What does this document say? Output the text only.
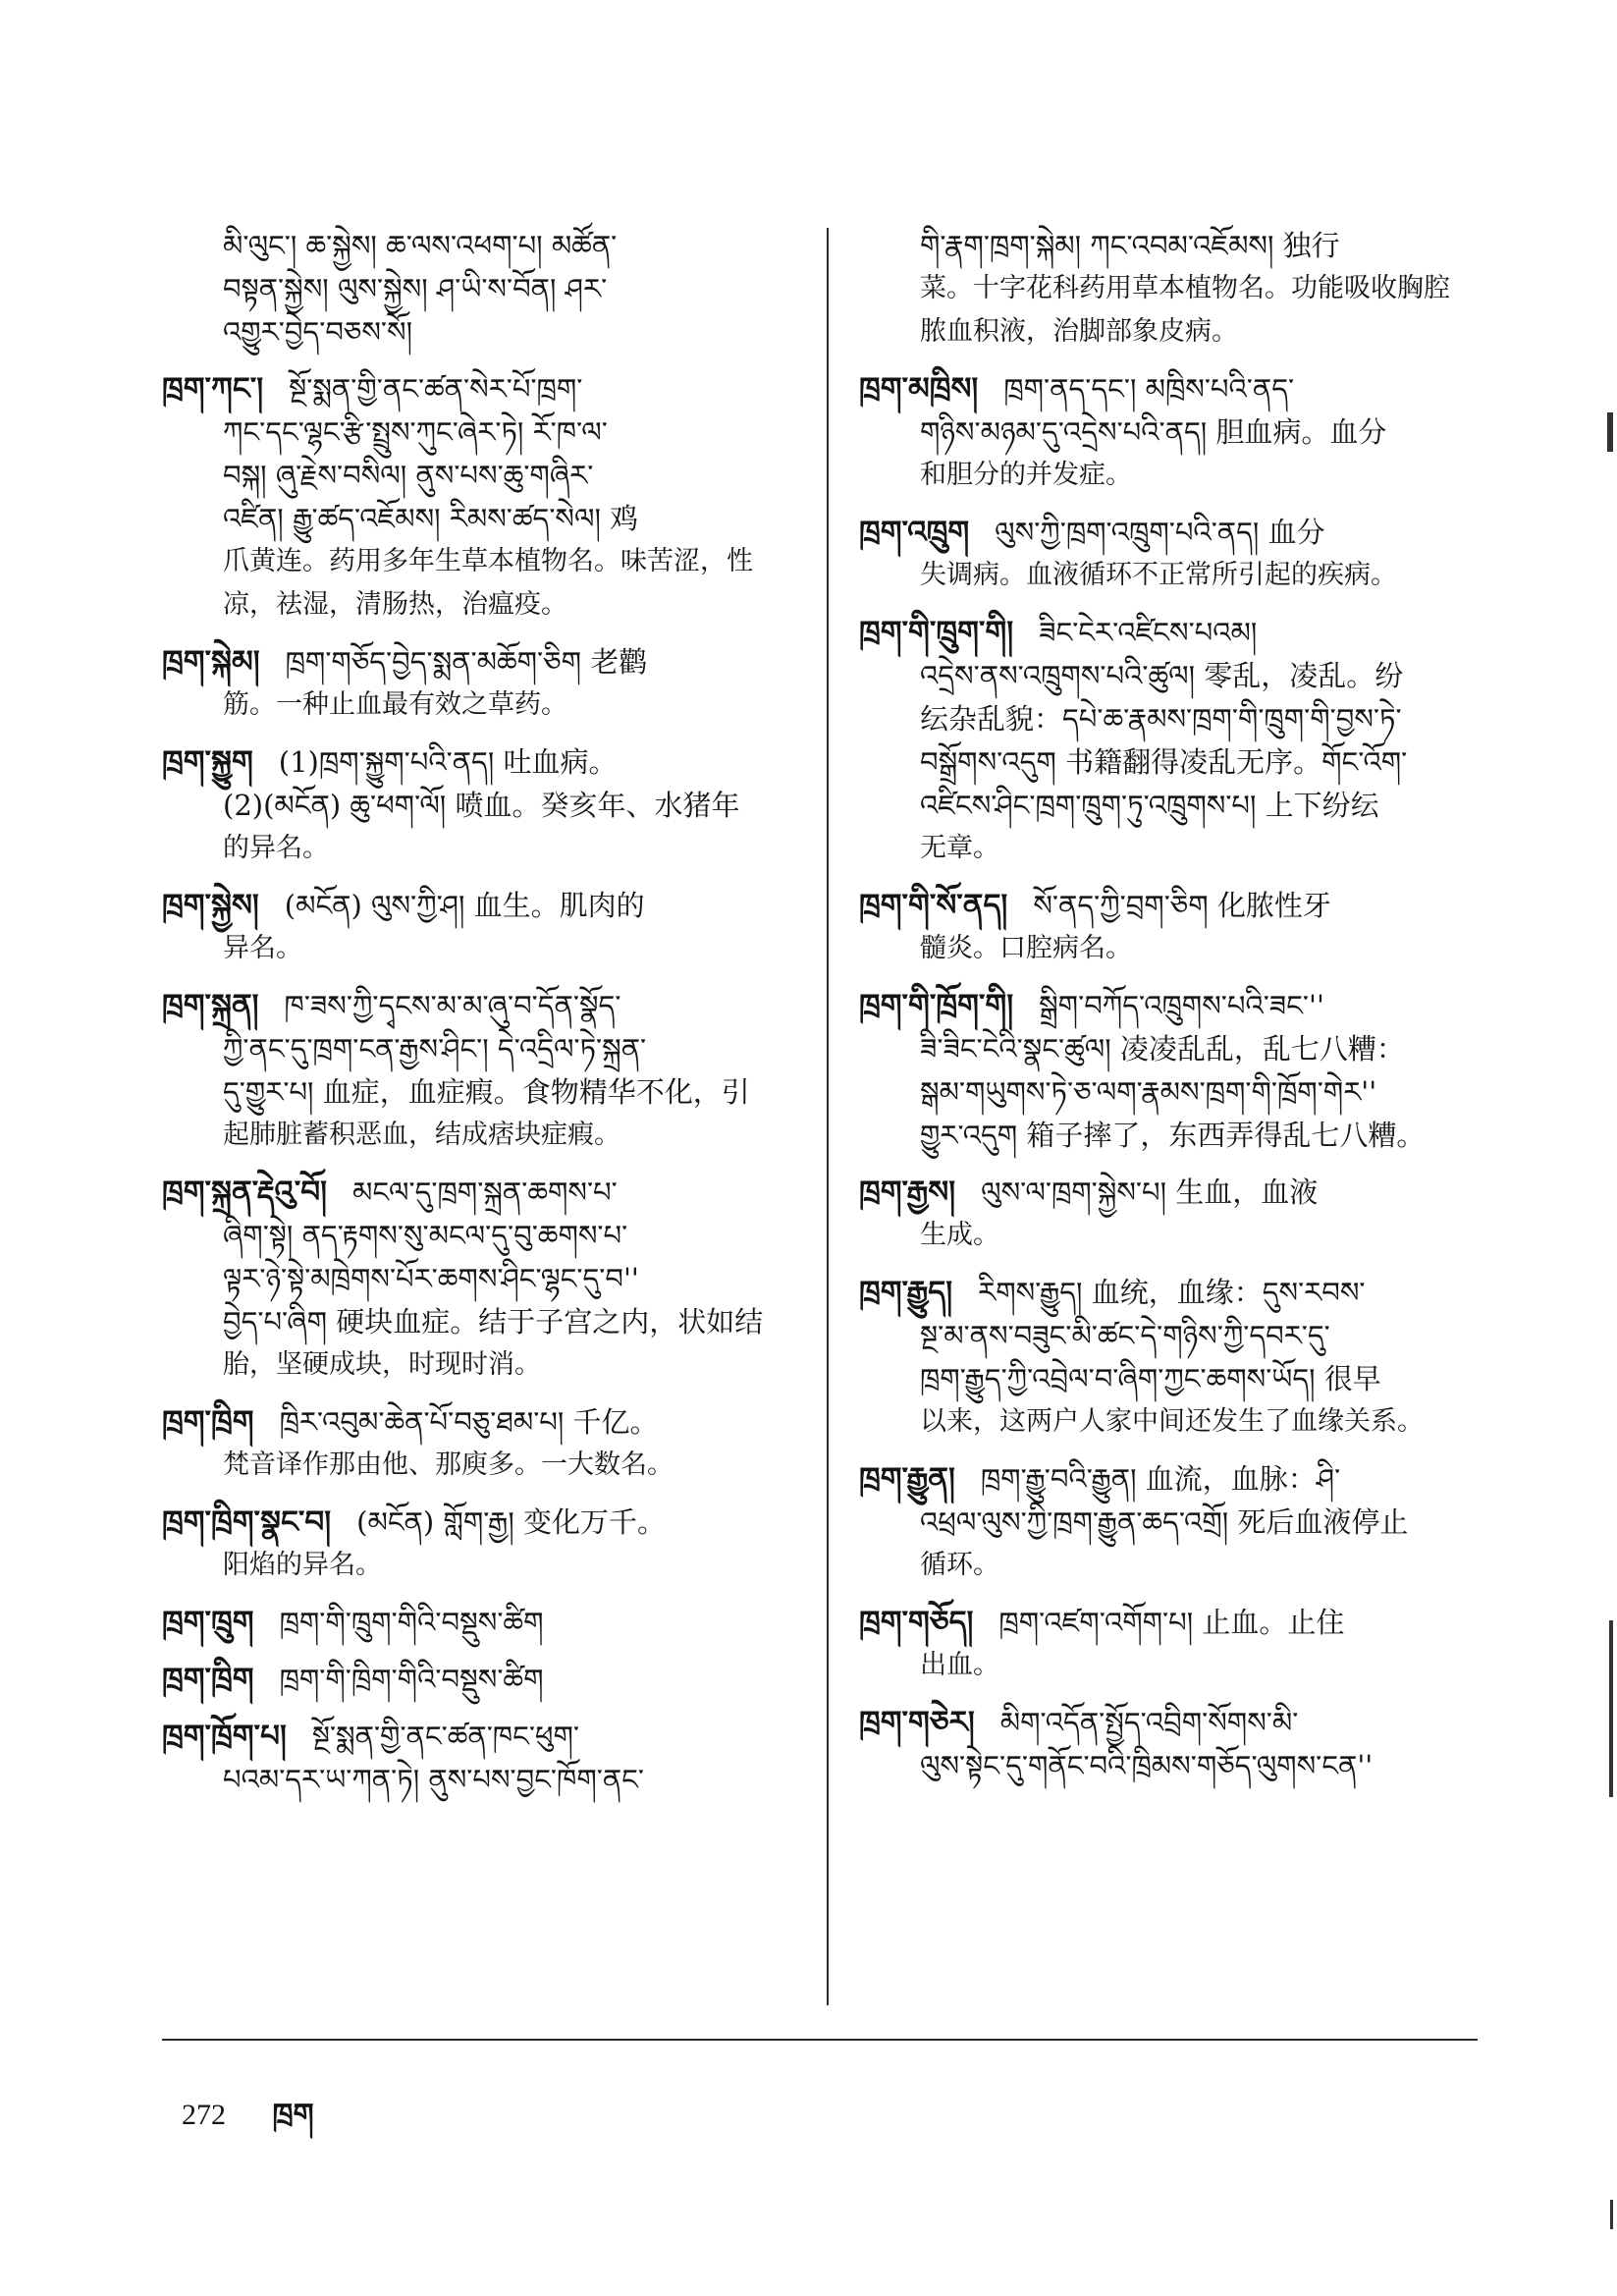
མི་ལུང་། ཆ་སྐྱེས། ཆ་ལས་འཕག་པ། མཚོན་
བསྟན་སྐྱེས། ལུས་སྐྱེས། ཤ་ཡི་ས་བོན། ཤར་
འགྱུར་བྱེད་བཅས་སོ།
ཁྲག་ཀང་། སྔོ་སྨན་གྱི་ནང་ཚན་སེར་པོ་ཁྲག་
ཀང་དང་ལྷང་རྩི་སྤྲུས་ཀུང་ཞེར་ཏེ། རོ་ཁ་ལ་
བསྐ། ཞུ་རྗེས་བསིལ། ནུས་པས་ཆུ་གཞིར་
འཛིན། རྒྱུ་ཚད་འཇོམས། རིམས་ཚད་སེལ། 鸡
爪黄连。药用多年生草本植物名。味苦涩，性
凉，祛湿，清肠热，治瘟疫。
ཁྲག་སྐེམ། ཁྲག་གཅོད་བྱེད་སྨན་མཆོག་ཅིག 老鹳
筋。一种止血最有效之草药。
ཁྲག་སྐྱུག (1)ཁྲག་སྐྱུག་པའི་ནད། 吐血病。
(2)(མངོན) ཆུ་ཕག་ལོ། 喷血。癸亥年、水猪年
的异名。
ཁྲག་སྐྱེས། (མངོན) ལུས་ཀྱི་ཤ། 血生。肌肉的
异名。
ཁྲག་སྐྲན། ཁ་ཟས་ཀྱི་དྭངས་མ་མ་ཞུ་བ་དོན་སྣོད་
ཀྱི་ནང་དུ་ཁྲག་ངན་རྒྱས་ཤིང་། དེ་འདྲིལ་ཏེ་སྐྲན་
དུ་གྱུར་པ། 血症，血症瘕。食物精华不化，引
起肺脏蓄积恶血，结成痞块症瘕。
ཁྲག་སྐྲན་རྡེའུ་བོ། མངལ་དུ་ཁྲག་སྐྲན་ཆགས་པ་
ཞིག་སྟེ། ནད་རྟགས་སུ་མངལ་དུ་བུ་ཆགས་པ་
ལྟར་ཉེ་སྟེ་མཁྲེགས་པོར་ཆགས་ཤིང་ལྷང་དུ་བ''
བྱེད་པ་ཞིག 硬块血症。结于子宫之内，状如结
胎，坚硬成块，时现时消。
ཁྲག་ཁྲིག ཁྲིར་འབུམ་ཆེན་པོ་བཅུ་ཐམ་པ། 千亿。
梵音译作那由他、那庾多。一大数名。
ཁྲག་ཁྲིག་སྣང་བ། (མངོན) གློག་རྒྱ། 变化万千。
阳焰的异名。
ཁྲག་ཁྲུག ཁྲག་གི་ཁྲུག་གིའི་བསྡུས་ཚིག
ཁྲག་ཁྲིག ཁྲག་གི་ཁྲིག་གིའི་བསྡུས་ཚིག
ཁྲག་ཁྲོག་པ། སྔོ་སྨན་གྱི་ནང་ཚན་ཁང་ཕུག་
པའམ་དར་ཡ་ཀན་ཏེ། ནུས་པས་བྱང་ཁོག་ནང་
གི་རྣག་ཁྲག་སྐེམ། ཀང་འབམ་འཇོམས། 独行
菜。十字花科药用草本植物名。功能吸收胸腔
脓血积液，治脚部象皮病。
ཁྲག་མཁྲིས། ཁྲག་ནད་དང་། མཁྲིས་པའི་ནད་
གཉིས་མཉམ་དུ་འདྲེས་པའི་ནད། 胆血病。血分
和胆分的并发症。
ཁྲག་འཁྲུག ལུས་ཀྱི་ཁྲག་འཁྲུག་པའི་ནད། 血分
失调病。血液循环不正常所引起的疾病。
ཁྲག་གི་ཁྲུག་གི། ཟིང་ངེར་འཛིངས་པའམ།
འདྲེས་ནས་འཁྲུགས་པའི་ཚུལ། 零乱，凌乱。纷
纭杂乱貌：དཔེ་ཆ་རྣམས་ཁྲག་གི་ཁྲུག་གི་བྱས་ཏེ་
བསྒྲོགས་འདུག 书籍翻得凌乱无序。གོང་འོག་
འཛིངས་ཤིང་ཁྲག་ཁྲུག་ཏུ་འཁྲུགས་པ། 上下纷纭
无章。
ཁྲག་གི་སོ་ནད། སོ་ནད་ཀྱི་བྲག་ཅིག 化脓性牙
髓炎。口腔病名。
ཁྲག་གི་ཁྲོག་གི། སྒྲིག་བཀོད་འཁྲུགས་པའི་ཟང་''
ཟི་ཟིང་ངེའི་སྣང་ཚུལ། 凌凌乱乱，乱七八糟：
སྒམ་གཡུགས་ཏེ་ཅ་ལག་རྣམས་ཁྲག་གི་ཁྲོག་གེར''
གྱུར་འདུག 箱子摔了，东西弄得乱七八糟。
ཁྲག་རྒྱས། ལུས་ལ་ཁྲག་སྐྱེས་པ། 生血，血液
生成。
ཁྲག་རྒྱུད། རིགས་རྒྱུད། 血统，血缘：དུས་རབས་
སྔ་མ་ནས་བཟུང་མི་ཚང་དེ་གཉིས་ཀྱི་དབར་དུ་
ཁྲག་རྒྱུད་ཀྱི་འབྲེལ་བ་ཞིག་ཀྱང་ཆགས་ཡོད། 很早
以来，这两户人家中间还发生了血缘关系。
ཁྲག་རྒྱུན། ཁྲག་རྒྱུ་བའི་རྒྱུན། 血流，血脉：ཤི་
འཕྲལ་ལུས་ཀྱི་ཁྲག་རྒྱུན་ཆད་འགྲོ། 死后血液停止
循环。
ཁྲག་གཅོད། ཁྲག་འཛག་འགོག་པ། 止血。止住
出血。
ཁྲག་གཅེར། མིག་འདོན་སྤྱོད་འབྲིག་སོགས་མི་
ལུས་སྟེང་དུ་གནོང་བའི་ཁྲིམས་གཅོད་ལུགས་ངན''
272 ཁྲག
